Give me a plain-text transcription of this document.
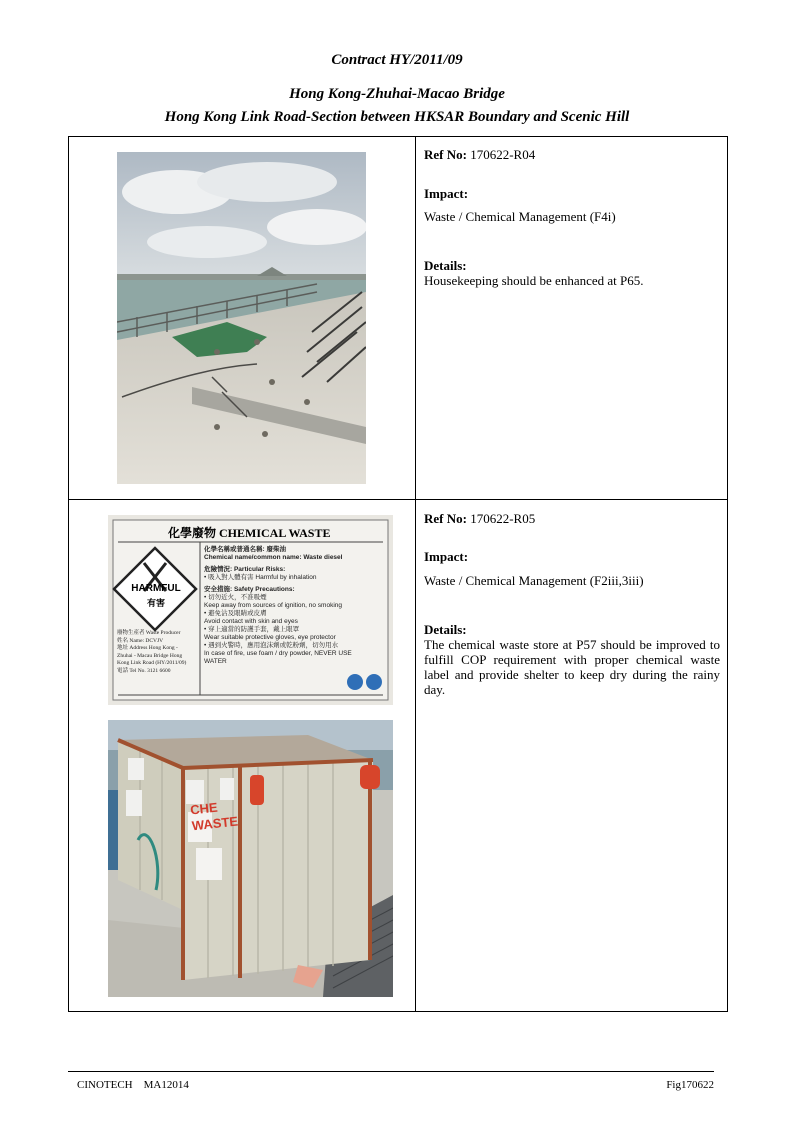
Contract HY/2011/09
Hong Kong-Zhuhai-Macao Bridge
Hong Kong Link Road-Section between HKSAR Boundary and Scenic Hill
Ref No: 170622-R04
Impact:
Waste / Chemical Management (F4i)
Details:
Housekeeping should be enhanced at P65.
化學廢物 CHEMICAL WASTE
HARMFUL
有害
化學名稱或普通名稱: 廢柴油
Chemical name/common name: Waste diesel
危險情況: Particular Risks:
• 吸入對人體有害 Harmful by inhalation
安全措施: Safety Precautions:
• 切勿近火，不准吸煙
Keep away from sources of ignition, no smoking
• 避免沾及眼睛或皮膚
Avoid contact with skin and eyes
• 穿上適當的防護手套，戴上眼罩
Wear suitable protective gloves, eye protector
• 遇到火警時，應用泡沫劑或乾粉劑，切勿用水
In case of fire, use foam / dry powder, NEVER USE
WATER
廢物生產者 Waste Producer
姓名 Name: DCVJV
地址 Address Hong Kong -
Zhuhai - Macau Bridge Hong
Kong Link Road (HY/2011/09)
電話 Tel No. 3121 6600
CHE
WASTE
Ref No: 170622-R05
Impact:
Waste / Chemical Management (F2iii,3iii)
Details:
The chemical waste store at P57 should be improved to fulfill COP requirement with proper chemical waste label and provide shelter to keep dry during the rainy day.
CINOTECH    MA12014	Fig170622
